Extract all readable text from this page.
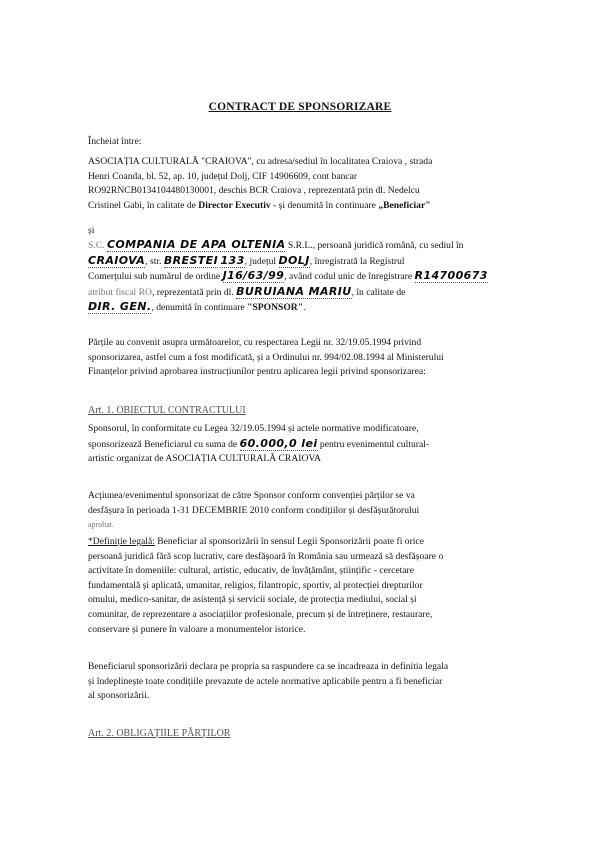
CONTRACT DE SPONSORIZARE
Încheiat între:
ASOCIAȚIA CULTURALĂ "CRAIOVA", cu adresa/sediul în localitatea Craiova , strada
Henri Coanda, bl. 52, ap. 10, județul Dolj, CIF 14906609, cont bancar
RO92RNCB0134104480130001, deschis BCR Craiova , reprezentată prin dl. Nedelcu
Cristinel Gabi, în calitate de Director Executiv - și denumită în continuare „Beneficiar"
și
S.C. COMPANIA DE APA OLTENIA S.R.L., persoană juridică română, cu sediul în
CRAIOVA, str. BRESTEI 133, județul DOLJ, înregistrată la Registrul
Comerțului sub numărul de ordine J16/63/99, având codul unic de înregistrare R14700673
atribut fiscal RO, reprezentată prin dl. BURUIANA MARIU, în calitate de
DIR. GEN., denumită în continuare "SPONSOR".
Părțile au convenit asupra următoarelor, cu respectarea Legii nr. 32/19.05.1994 privind
sponsorizarea, astfel cum a fost modificată, și a Ordinului nr. 994/02.08.1994 al Ministerului
Finanțelor privind aprobarea instrucțiunilor pentru aplicarea legii privind sponsorizarea:
Art. 1. OBIECTUL CONTRACTULUI
Sponsorul, în conformitate cu Legea 32/19.05.1994 și actele normative modificatoare,
sponsorizează Beneficiarul cu suma de 60.000,0 lei pentru evenimentul cultural-
artistic organizat de ASOCIAȚIA CULTURALĂ CRAIOVA
Acțiunea/evenimentul sponsorizat de către Sponsor conform convenției părților se va
desfășura în perioada 1-31 DECEMBRIE 2010 conform condițiilor și desfășurătorului
aprobat.
*Definiție legală: Beneficiar al sponsorizării în sensul Legii Sponsorizării poate fi orice
persoană juridică fără scop lucrativ, care desfășoară în România sau urmează să desfășoare o
activitate în domeniile: cultural, artistic, educativ, de învățământ, științific - cercetare
fundamentală și aplicată, umanitar, religios, filantropic, sportiv, al protecției drepturilor
omului, medico-sanitar, de asistență și servicii sociale, de protecția mediului, social și
comunitar, de reprezentare a asociațiilor profesionale, precum și de întreținere, restaurare,
conservare și punere în valoare a monumentelor istorice.
Beneficiarul sponsorizării declara pe propria sa raspundere ca se incadreaza in definitia legala
și îndeplinește toate condițiile prevazute de actele normative aplicabile pentru a fi beneficiar
al sponsorizării.
Art. 2. OBLIGAȚIILE PĂRȚILOR
